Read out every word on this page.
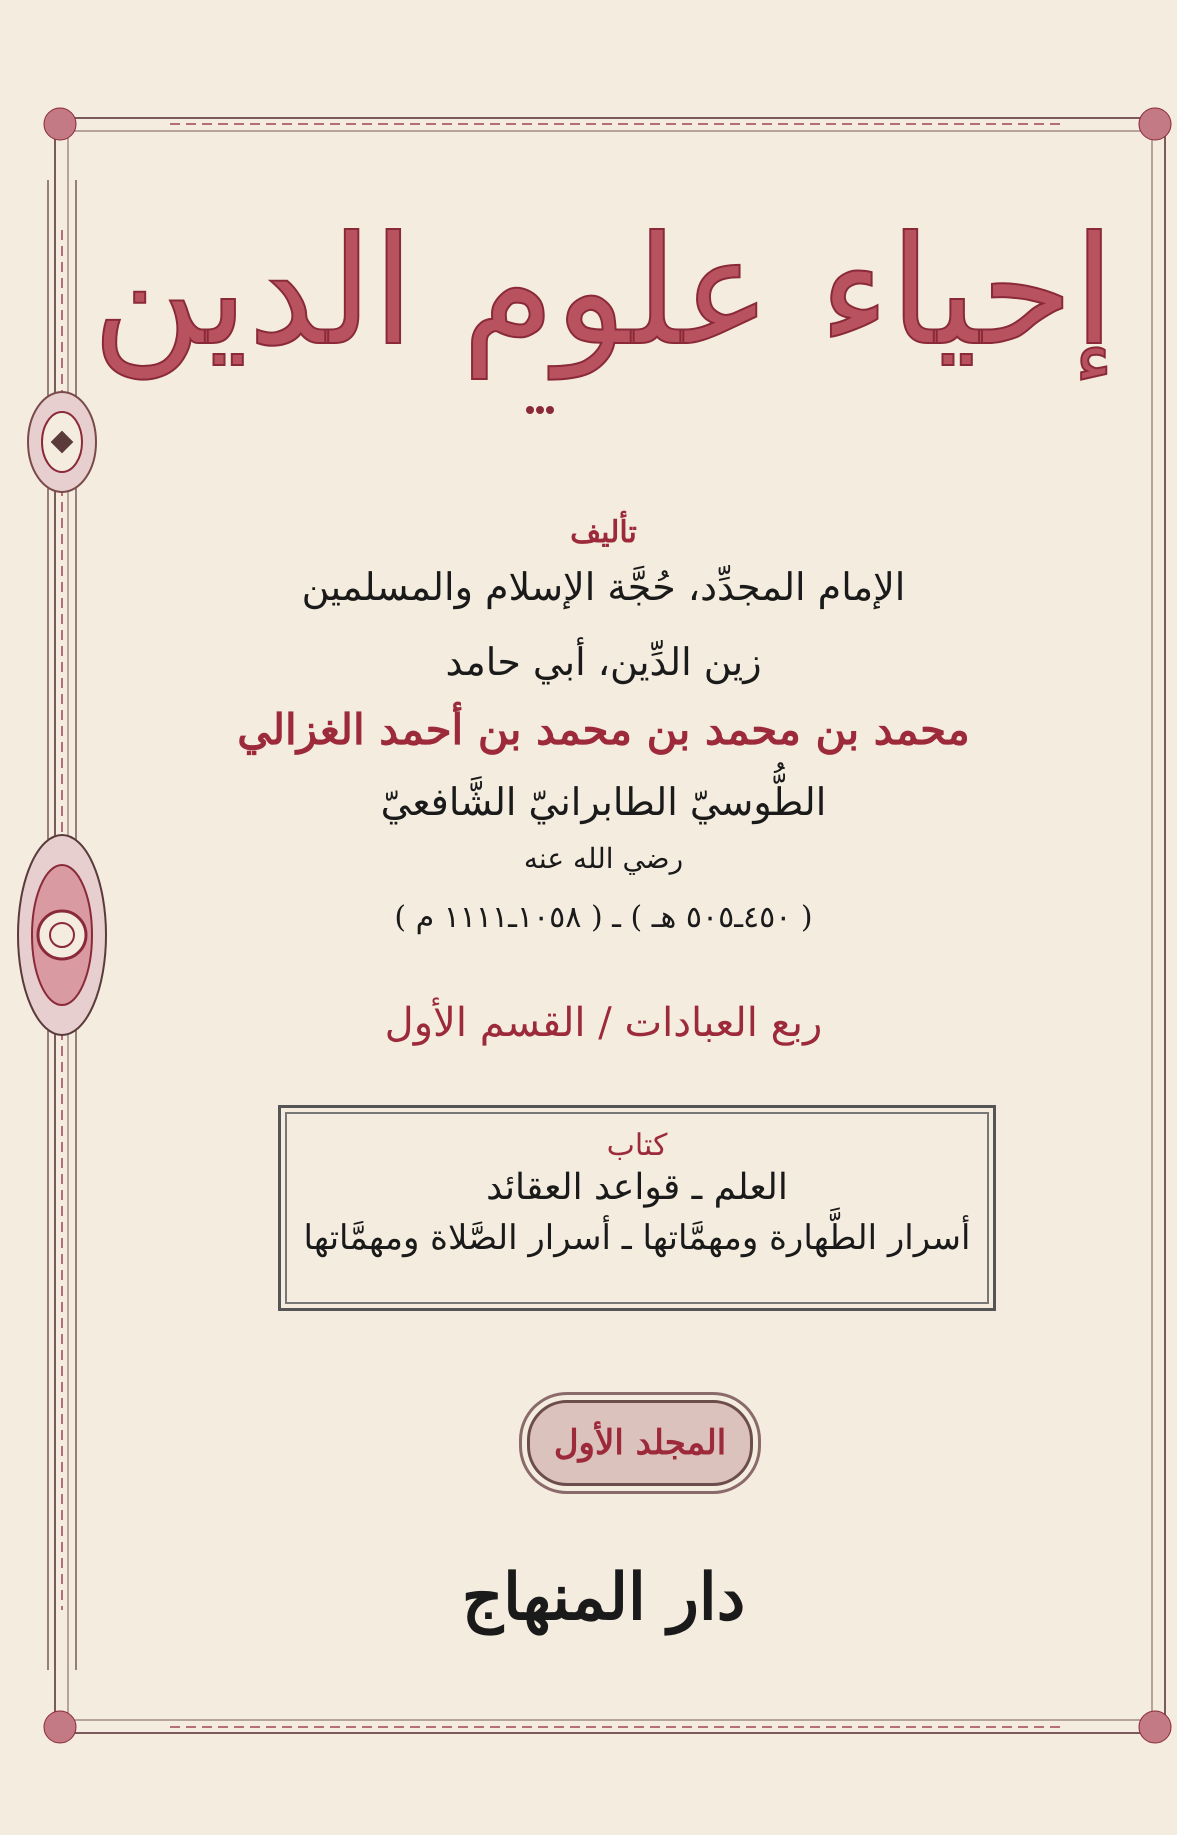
إحياء علوم الدين
تأليف
الإمام المجدِّد، حُجَّة الإسلام والمسلمين
زين الدِّين، أبي حامد
محمد بن محمد بن محمد بن أحمد الغزالي
الطُّوسيّ الطابرانيّ الشَّافعيّ
رضي الله عنه
( ٤٥٠ـ٥٠٥ هـ ) ـ ( ١٠٥٨ـ١١١١ م )
ربع العبادات / القسم الأول
كتاب
العلم ـ قواعد العقائد
أسرار الطَّهارة ومهمَّاتها ـ أسرار الصَّلاة ومهمَّاتها
المجلد الأول
دار المنهاج
